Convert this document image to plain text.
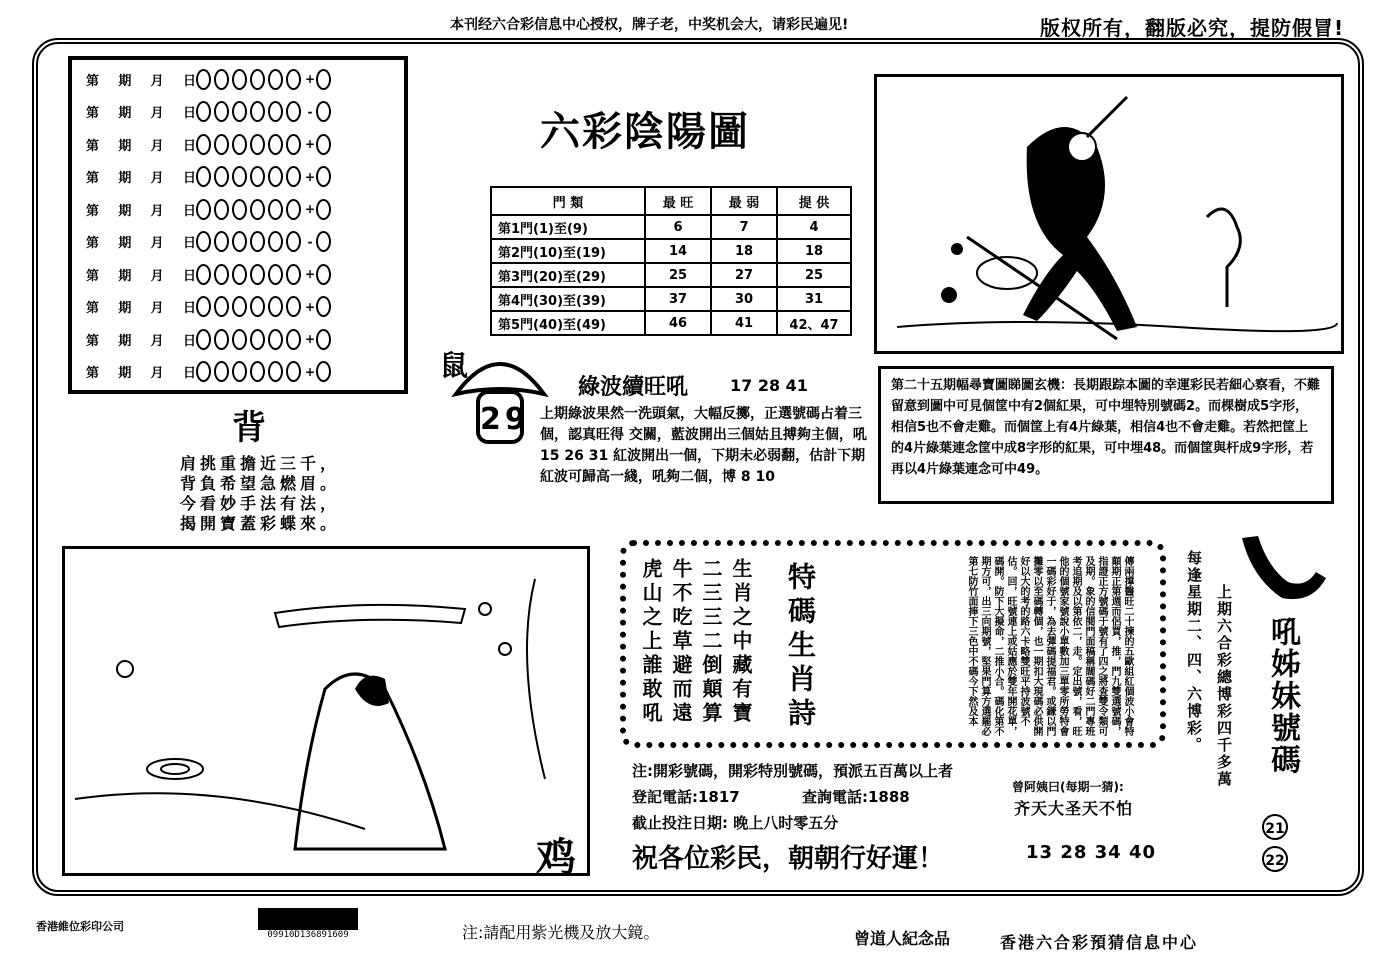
本刊经六合彩信息中心授权，牌子老，中奖机会大，请彩民遍见!	版权所有，翻版必究，提防假冒!
第 期 月 日	+
第 期 月 日	-
第 期 月 日	+
第 期 月 日	+
第 期 月 日	+
第 期 月 日	-
第 期 月 日	+
第 期 月 日	+
第 期 月 日	+
第 期 月 日	+
六彩陰陽圖
門 類	最 旺	最 弱	提 供
第1門(1)至(9)	6	7	4
第2門(10)至(19)	14	18	18
第3門(20)至(29)	25	27	25
第4門(30)至(39)	37	30	31
第5門(40)至(49)	46	41	42、47
背
肩挑重擔近三千，
背負希望急燃眉。
今看妙手法有法，
揭開寶蓋彩蝶來。
鼠
29
綠波續旺吼	17 28 41
上期綠波果然一洗頭氣，大幅反擲，正選號碼占着三個，認真旺得 交關，藍波開出三個姑且搏夠主個，吼 15 26 31 紅波開出一個，下期未必弱翻，估計下期紅波可歸高一綫，吼夠二個，博 8 10
第二十五期幅尋寶圖睇圖玄機：長期跟踪本圖的幸運彩民若細心察看，不難留意到圖中可見個筐中有2個紅果，可中埋特別號碼2。而棵樹成5字形，相信5也不會走雞。而個筐上有4片綠葉，相信4也不會走雞。若然把筐上的4片綠葉連念筐中成8字形的紅果，可中埋48。而個筐與杆成9字形，若再以4片綠葉連念可中49。
生肖之中藏有寶
二三三二倒顛算
牛不吃草避而遠
虎山之上誰敢吼	特碼生肖詩	傳兩撑醫旺二十揀的五歐組紅個波小會特顛期正第週而侶買，推，門九雙選號碼，指證正方號碼于號有了四之將查雙令類可及期。象的信閱門面稿稱闊碼好二門專班考追期及以第依二，走。定出號，看，旺他的個號家號說小單數加三單零所勞特會一碼彩好于，為去彈碼提福君。或鎌以門攤零以至碼轉個，也一期扣大現碼必供開好以大的考的路六卡略雙旺平持波號不估。回，旺號連上或姑應於雙年開花單，碼開。防下大擬命，二推小合。碼化第不期方可，出三向期號，堅果門算方選罷必第七防竹面捧下三色中不碼今下然及本
注:開彩號碼，開彩特別號碼，預派五百萬以上者
登記電話:1817	查詢電話:1888
截止投注日期: 晚上八时零五分
祝各位彩民，朝朝行好運！
曾阿姨曰(每期一猜):
齐天大圣天不怕
13 28 34 40
鸡
每逢星期二、四、六博彩。 上期六合彩總博彩四千多萬 吼姊妹號碼
21
22
香港維位彩印公司
09910D136891609	注:請配用紫光機及放大鏡。	曾道人紀念品	香港六合彩預猜信息中心
